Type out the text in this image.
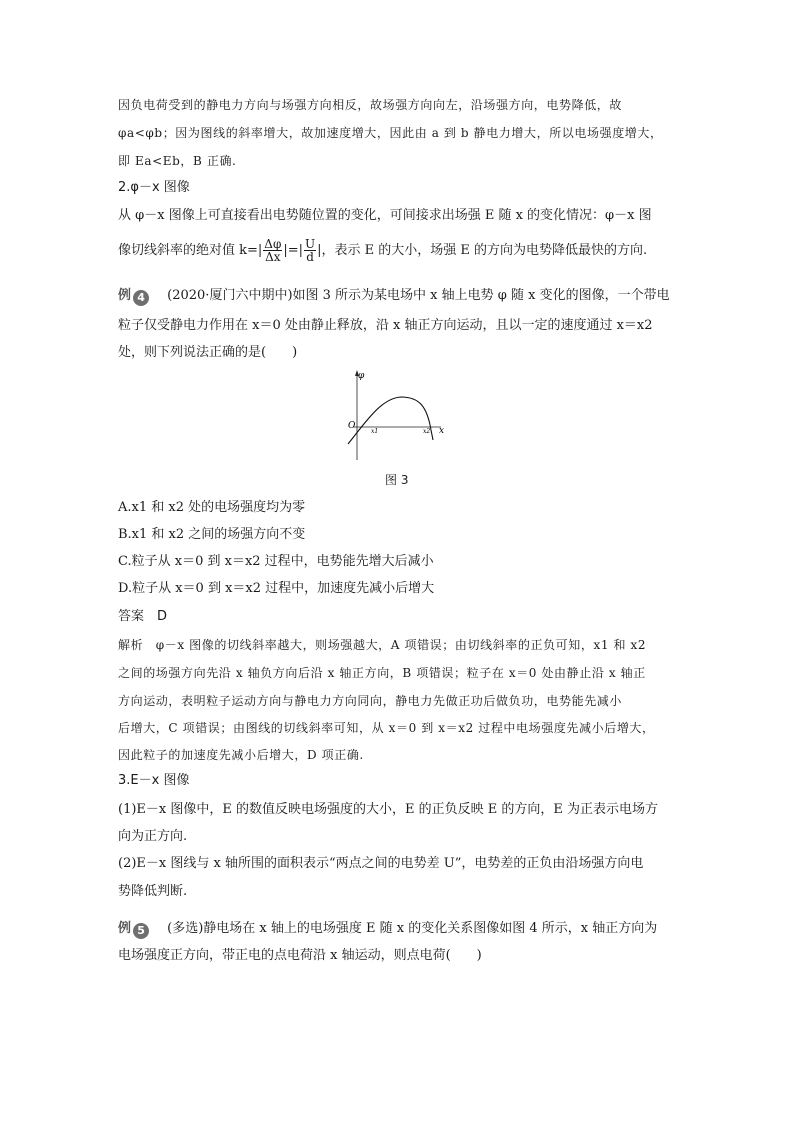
因负电荷受到的静电力方向与场强方向相反，故场强方向向左，沿场强方向，电势降低，故
φa<φb；因为图线的斜率增大，故加速度增大，因此由 a 到 b 静电力增大，所以电场强度增大，
即 Ea<Eb，B 正确.
2.φ－x 图像
从 φ－x 图像上可直接看出电势随位置的变化，可间接求出场强 E 随 x 的变化情况：φ－x 图
像切线斜率的绝对值 $k=| \frac{\Delta\varphi}{\Delta x}$ |=| $\frac{U}{d}$ |，表示 E 的大小，场强 E 的方向为电势降低最快的方向.
例 4 (2020·厦门六中期中)如图 3 所示为某电场中 x 轴上电势 φ 随 x 变化的图像，一个带电
粒子仅受静电力作用在 x＝0 处由静止释放，沿 x 轴正方向运动，且以一定的速度通过 x＝x2
处，则下列说法正确的是(　　)
φ
x
O
x1	x2
图 3
A.x1 和 x2 处的电场强度均为零
B.x1 和 x2 之间的场强方向不变
C.粒子从 x＝0 到 x＝x2 过程中，电势能先增大后减小
D.粒子从 x＝0 到 x＝x2 过程中，加速度先减小后增大
答案　D
解析　φ－x 图像的切线斜率越大，则场强越大，A 项错误；由切线斜率的正负可知，x1 和 x2
之间的场强方向先沿 x 轴负方向后沿 x 轴正方向，B 项错误；粒子在 x＝0 处由静止沿 x 轴正
方向运动，表明粒子运动方向与静电力方向同向，静电力先做正功后做负功，电势能先减小
后增大，C 项错误；由图线的切线斜率可知，从 x＝0 到 x＝x2 过程中电场强度先减小后增大，
因此粒子的加速度先减小后增大，D 项正确.
3.E－x 图像
(1)E－x 图像中，E 的数值反映电场强度的大小，E 的正负反映 E 的方向，E 为正表示电场方
向为正方向.
(2)E－x 图线与 x 轴所围的面积表示“两点之间的电势差 U”，电势差的正负由沿场强方向电
势降低判断.
例 5 (多选)静电场在 x 轴上的电场强度 E 随 x 的变化关系图像如图 4 所示，x 轴正方向为
电场强度正方向，带正电的点电荷沿 x 轴运动，则点电荷(　　)
